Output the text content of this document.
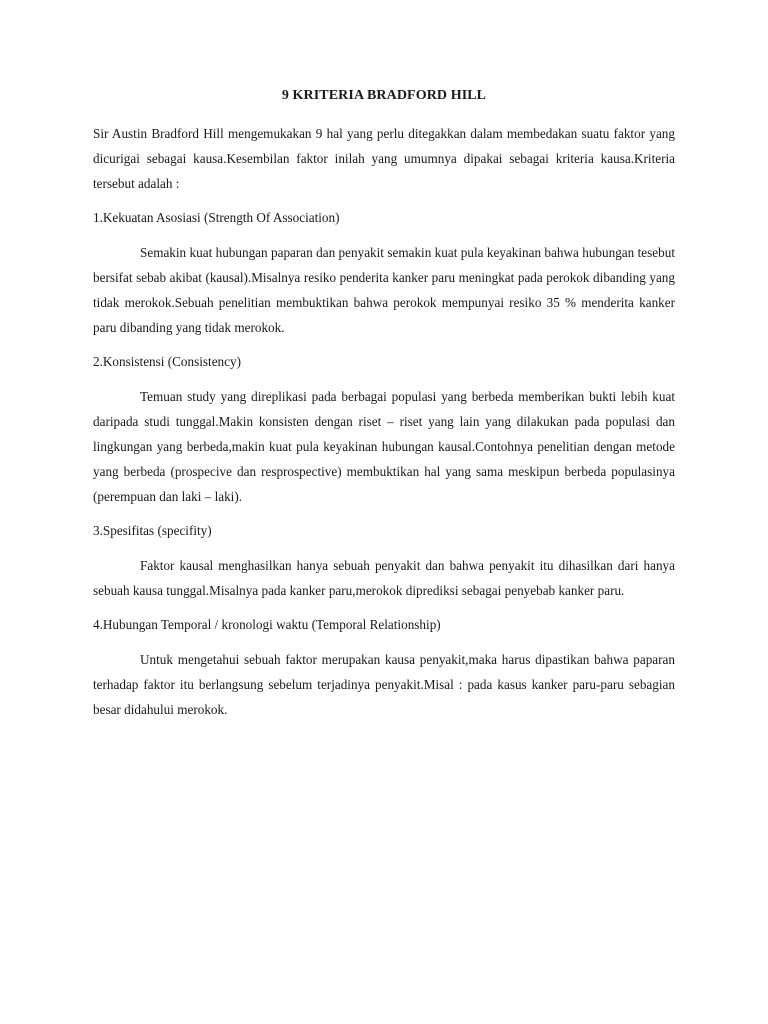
9 KRITERIA BRADFORD HILL

Sir Austin Bradford Hill mengemukakan 9 hal yang perlu ditegakkan dalam membedakan suatu faktor yang dicurigai sebagai kausa.Kesembilan faktor inilah yang umumnya dipakai sebagai kriteria kausa.Kriteria tersebut adalah :

1.Kekuatan Asosiasi (Strength Of Association)

Semakin kuat hubungan paparan dan penyakit semakin kuat pula keyakinan bahwa hubungan tesebut bersifat sebab akibat (kausal).Misalnya resiko penderita kanker paru meningkat pada perokok dibanding yang tidak merokok.Sebuah penelitian membuktikan bahwa perokok mempunyai resiko 35 % menderita kanker paru dibanding yang tidak merokok.

2.Konsistensi (Consistency)

Temuan study yang direplikasi pada berbagai populasi yang berbeda memberikan bukti lebih kuat daripada studi tunggal.Makin konsisten dengan riset – riset yang lain yang dilakukan pada populasi dan lingkungan yang berbeda,makin kuat pula keyakinan hubungan kausal.Contohnya penelitian dengan metode yang berbeda (prospecive dan resprospective) membuktikan hal yang sama meskipun berbeda populasinya (perempuan dan laki – laki).

3.Spesifitas (specifity)

Faktor kausal menghasilkan hanya sebuah penyakit dan bahwa penyakit itu dihasilkan dari hanya sebuah kausa tunggal.Misalnya pada kanker paru,merokok diprediksi sebagai penyebab kanker paru.

4.Hubungan Temporal / kronologi waktu (Temporal Relationship)

Untuk mengetahui sebuah faktor merupakan kausa penyakit,maka harus dipastikan bahwa paparan terhadap faktor itu berlangsung sebelum terjadinya penyakit.Misal : pada kasus kanker paru-paru sebagian besar didahului merokok.
